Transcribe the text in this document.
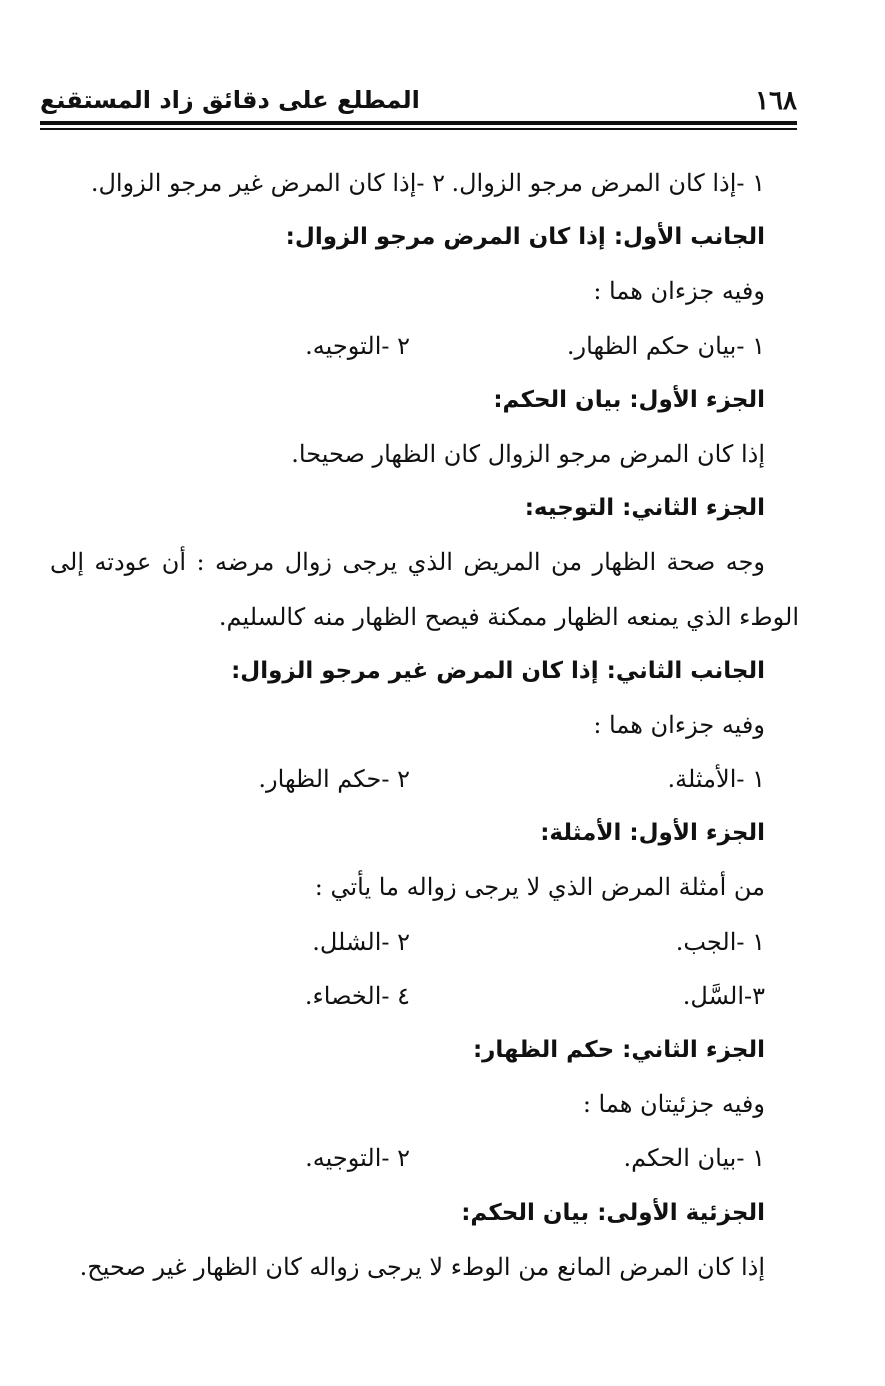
١٦٨
المطلع على دقائق زاد المستقنع
١ -إذا كان المرض مرجو الزوال.
٢ -إذا كان المرض غير مرجو الزوال.
الجانب الأول: إذا كان المرض مرجو الزوال:
وفيه جزءان هما :
١ -بيان حكم الظهار.
٢ -التوجيه.
الجزء الأول: بيان الحكم:
إذا كان المرض مرجو الزوال كان الظهار صحيحا.
الجزء الثاني: التوجيه:
وجه صحة الظهار من المريض الذي يرجى زوال مرضه : أن عودته إلى
الوطء الذي يمنعه الظهار ممكنة فيصح الظهار منه كالسليم.
الجانب الثاني: إذا كان المرض غير مرجو الزوال:
وفيه جزءان هما :
١ -الأمثلة.
٢ -حكم الظهار.
الجزء الأول: الأمثلة:
من أمثلة المرض الذي لا يرجى زواله ما يأتي :
١ -الجب.
٢ -الشلل.
٣-السَّل.
٤ -الخصاء.
الجزء الثاني: حكم الظهار:
وفيه جزئيتان هما :
١ -بيان الحكم.
٢ -التوجيه.
الجزئية الأولى: بيان الحكم:
إذا كان المرض المانع من الوطء لا يرجى زواله كان الظهار غير صحيح.
